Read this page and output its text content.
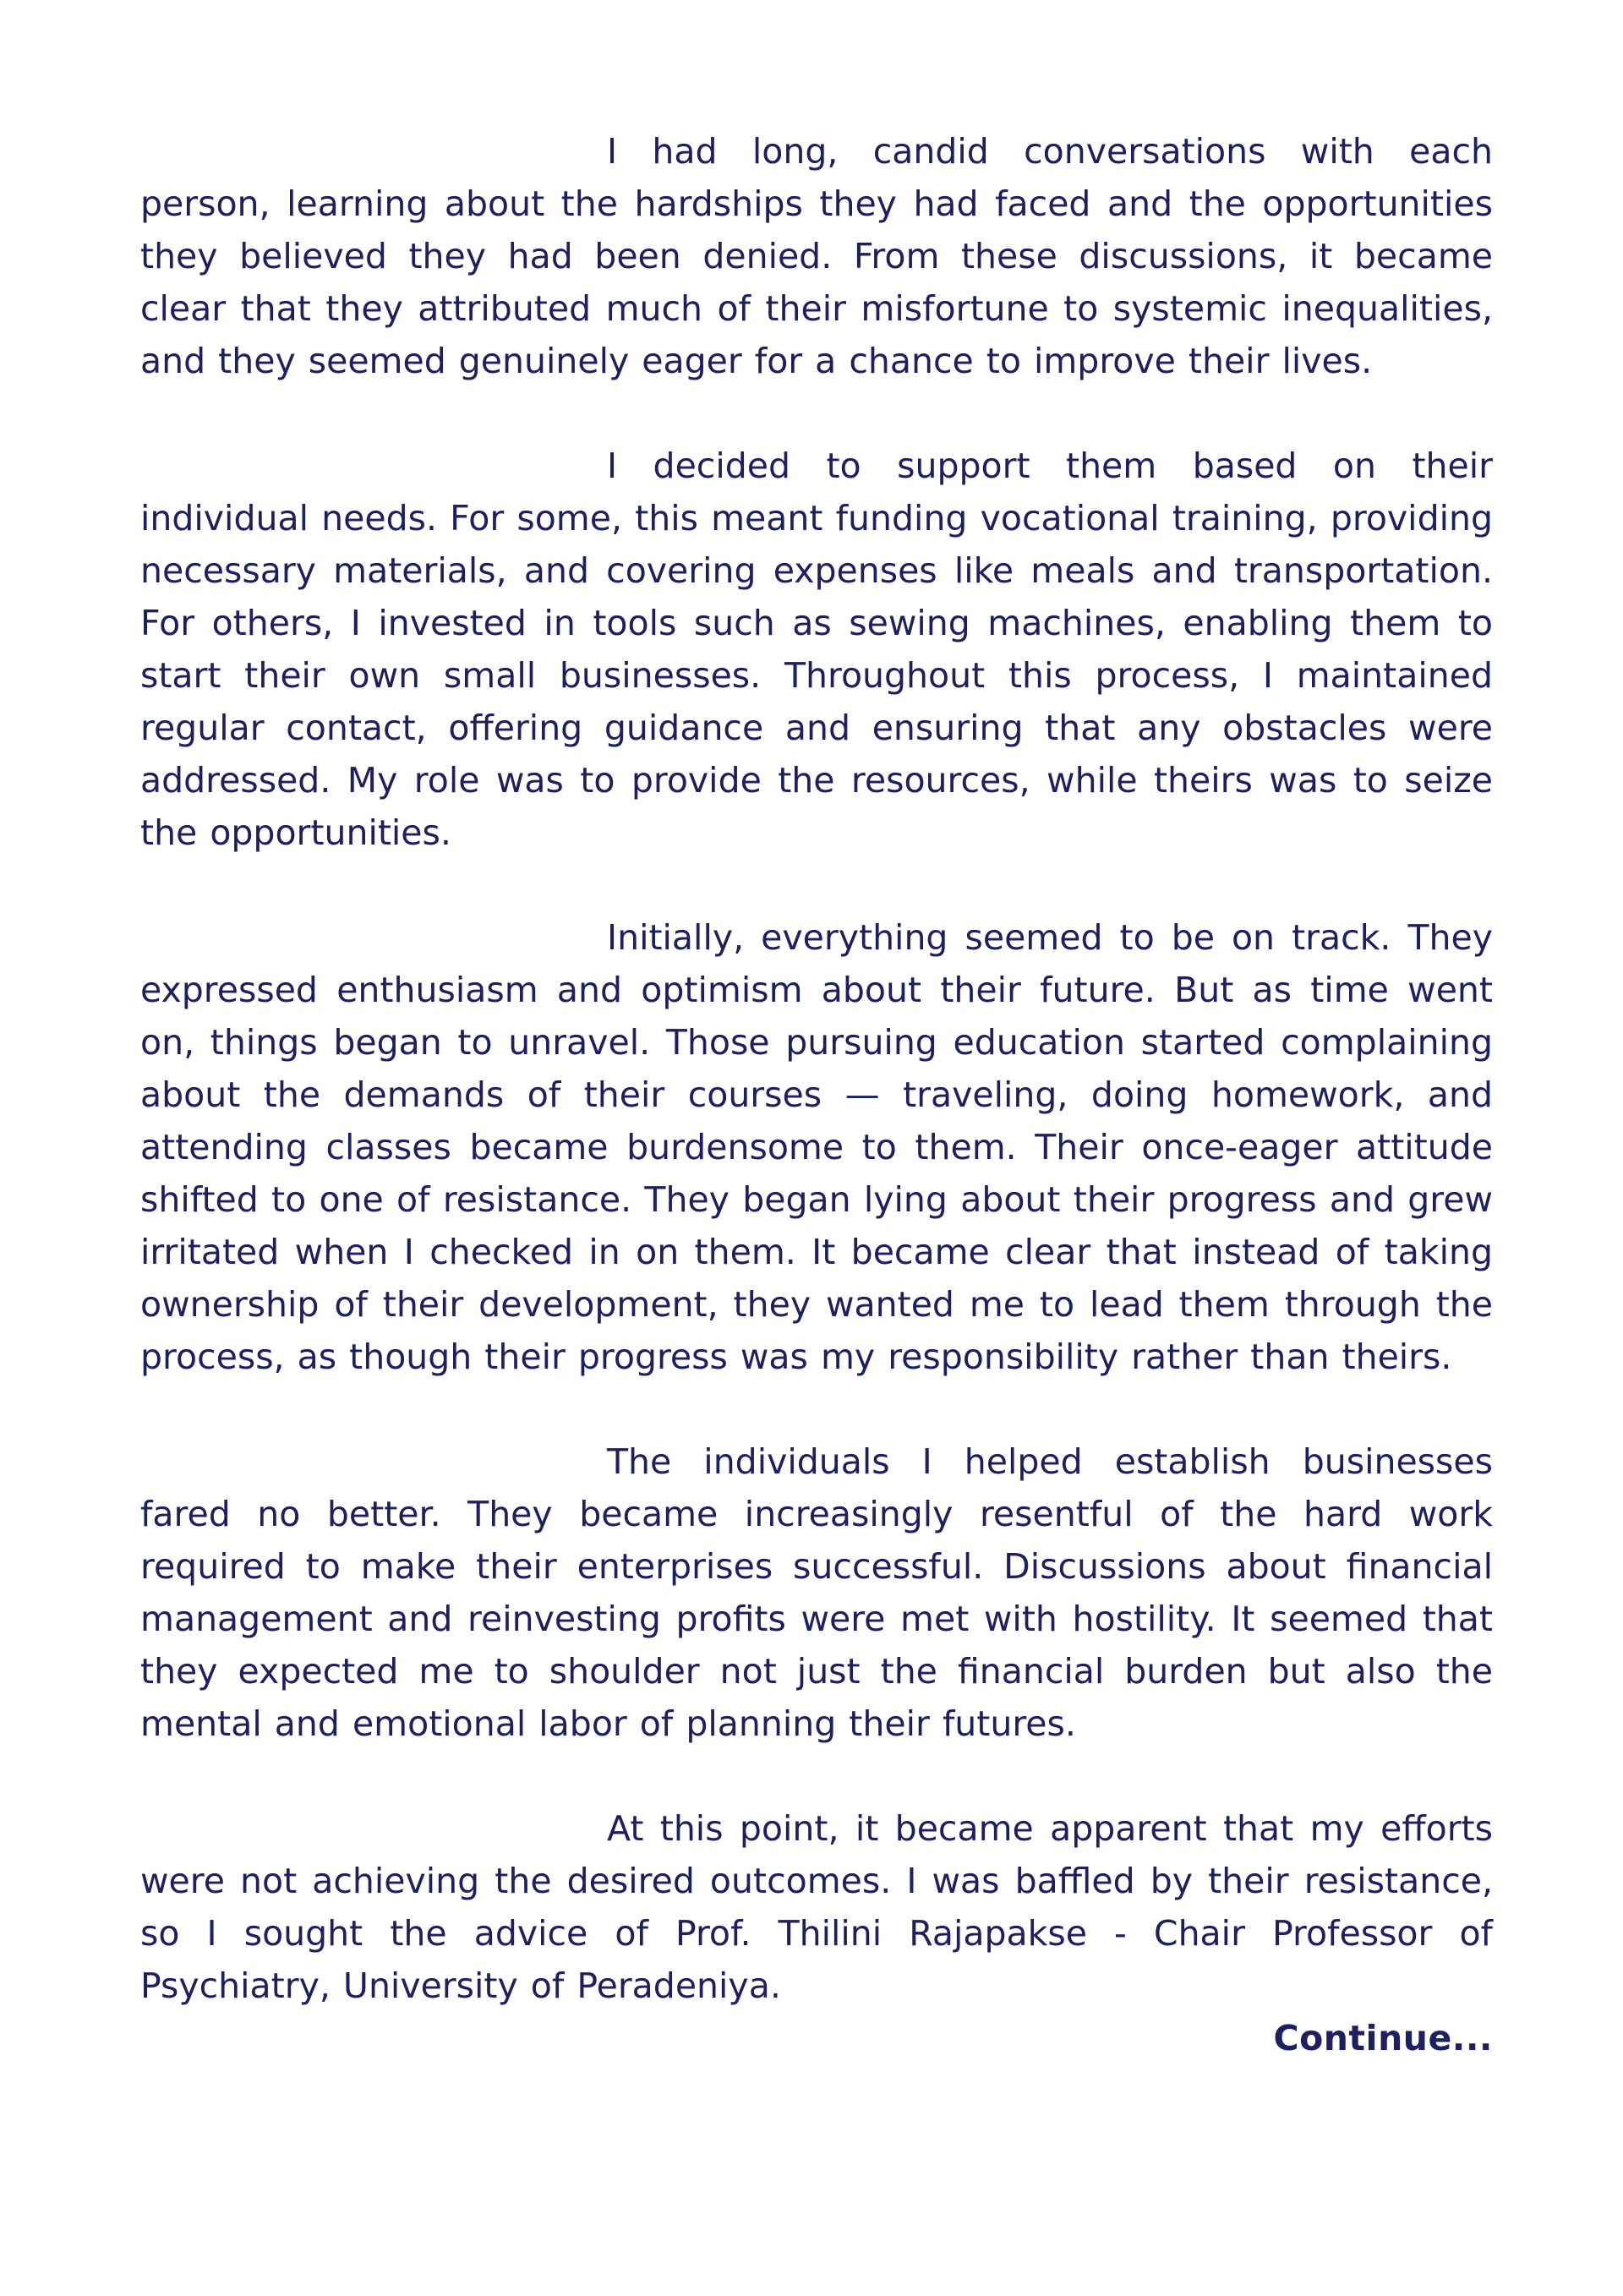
I had long, candid conversations with each person, learning about the hardships they had faced and the opportunities they believed they had been denied. From these discussions, it became clear that they attributed much of their misfortune to systemic inequalities, and they seemed genuinely eager for a chance to improve their lives.

I decided to support them based on their individual needs. For some, this meant funding vocational training, providing necessary materials, and covering expenses like meals and transportation. For others, I invested in tools such as sewing machines, enabling them to start their own small businesses. Throughout this process, I maintained regular contact, offering guidance and ensuring that any obstacles were addressed. My role was to provide the resources, while theirs was to seize the opportunities.

Initially, everything seemed to be on track. They expressed enthusiasm and optimism about their future. But as time went on, things began to unravel. Those pursuing education started complaining about the demands of their courses — traveling, doing homework, and attending classes became burdensome to them. Their once-eager attitude shifted to one of resistance. They began lying about their progress and grew irritated when I checked in on them. It became clear that instead of taking ownership of their development, they wanted me to lead them through the process, as though their progress was my responsibility rather than theirs.

The individuals I helped establish businesses fared no better. They became increasingly resentful of the hard work required to make their enterprises successful. Discussions about financial management and reinvesting profits were met with hostility. It seemed that they expected me to shoulder not just the financial burden but also the mental and emotional labor of planning their futures.

At this point, it became apparent that my efforts were not achieving the desired outcomes. I was baffled by their resistance, so I sought the advice of Prof. Thilini Rajapakse - Chair Professor of Psychiatry, University of Peradeniya.

Continue...
